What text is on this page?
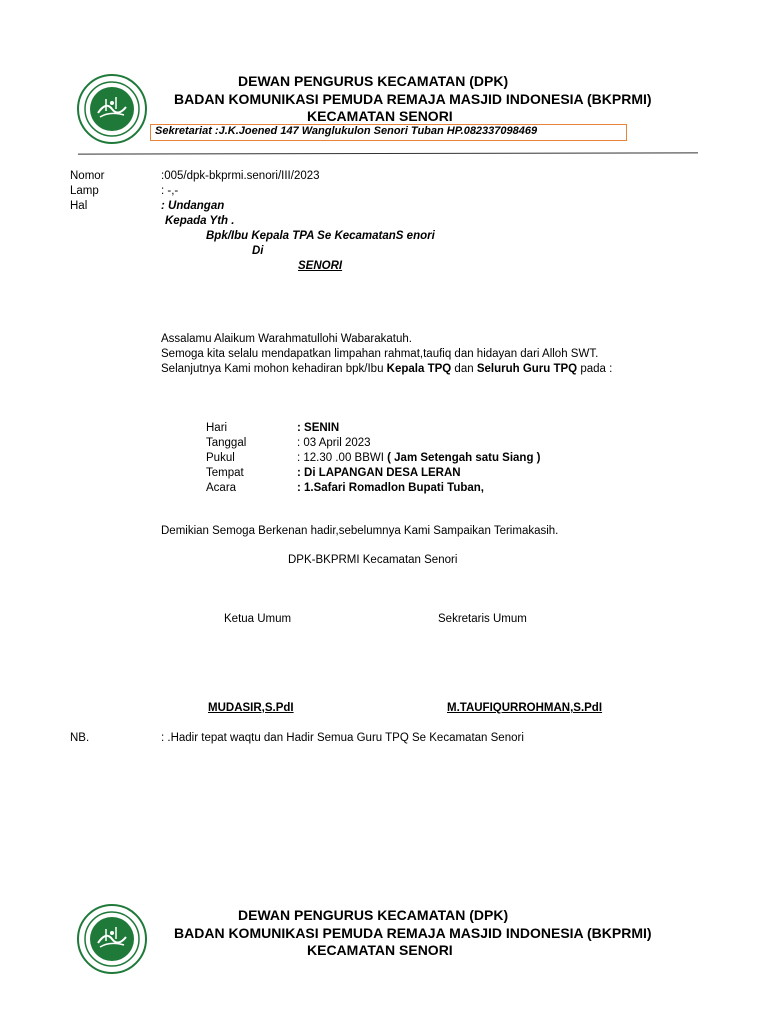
DEWAN PENGURUS KECAMATAN (DPK)
BADAN KOMUNIKASI PEMUDA REMAJA MASJID INDONESIA (BKPRMI)
KECAMATAN SENORI
Sekretariat :J.K.Joened 147 Wanglukulon Senori Tuban HP.082337098469
Nomor	:005/dpk-bkprmi.senori/III/2023
Lamp	: -,-
Hal	: Undangan
Kepada Yth .
Bpk/Ibu Kepala TPA Se KecamatanS enori
Di
SENORI
Assalamu Alaikum Warahmatullohi Wabarakatuh.
Semoga kita selalu mendapatkan limpahan rahmat,taufiq dan hidayan dari Alloh SWT.
Selanjutnya Kami mohon kehadiran bpk/Ibu Kepala TPQ dan Seluruh Guru TPQ pada :
Hari	: SENIN
Tanggal	: 03 April 2023
Pukul	: 12.30 .00 BBWI ( Jam Setengah satu Siang )
Tempat	: Di LAPANGAN DESA LERAN
Acara	: 1.Safari Romadlon Bupati Tuban,
Demikian Semoga Berkenan hadir,sebelumnya Kami Sampaikan Terimakasih.
DPK-BKPRMI Kecamatan Senori
Ketua Umum	Sekretaris Umum
MUDASIR,S.PdI	M.TAUFIQURROHMAN,S.PdI
NB.	: .Hadir tepat waqtu dan Hadir Semua Guru TPQ Se Kecamatan Senori
DEWAN PENGURUS KECAMATAN (DPK)
BADAN KOMUNIKASI PEMUDA REMAJA MASJID INDONESIA (BKPRMI)
KECAMATAN SENORI
